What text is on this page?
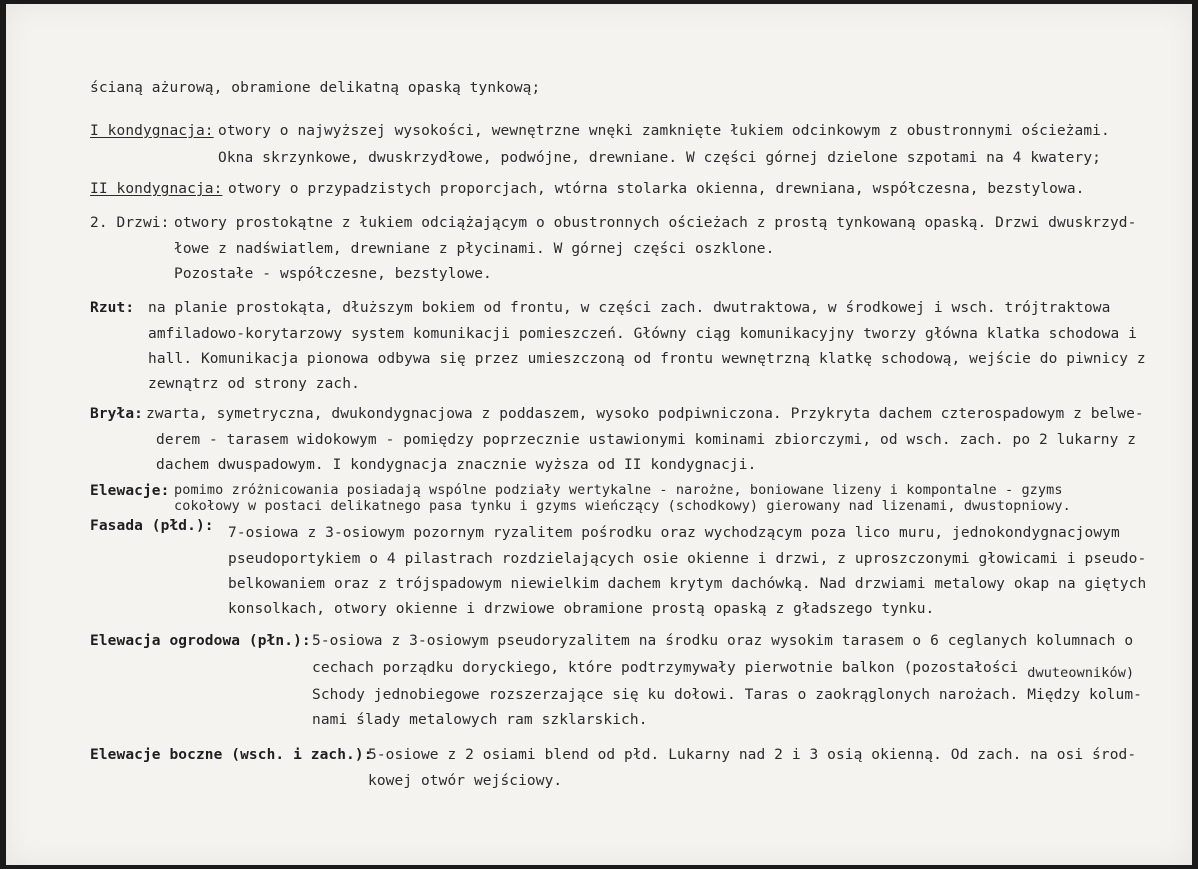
ścianą ażurową, obramione delikatną opaską tynkową;
I kondygnacja: otwory o najwyższej wysokości, wewnętrzne wnęki zamknięte łukiem odcinkowym z obustronnymi ościeżami.
Okna skrzynkowe, dwuskrzydłowe, podwójne, drewniane. W części górnej dzielone szpotami na 4 kwatery;
II kondygnacja: otwory o przypadzistych proporcjach, wtórna stolarka okienna, drewniana, współczesna, bezstylowa.
2. Drzwi: otwory prostokątne z łukiem odciążającym o obustronnych ościeżach z prostą tynkowaną opaską. Drzwi dwuskrzyd-
łowe z nadświatlem, drewniane z płycinami. W górnej części oszklone.
Pozostałe - współczesne, bezstylowe.
Rzut: na planie prostokąta, dłuższym bokiem od frontu, w części zach. dwutraktowa, w środkowej i wsch. trójtraktowa
amfiladowo-korytarzowy system komunikacji pomieszczeń. Główny ciąg komunikacyjny tworzy główna klatka schodowa i
hall. Komunikacja pionowa odbywa się przez umieszczoną od frontu wewnętrzną klatkę schodową, wejście do piwnicy z
zewnątrz od strony zach.
Bryła: zwarta, symetryczna, dwukondygnacjowa z poddaszem, wysoko podpiwniczona. Przykryta dachem czterospadowym z belwe-
derem - tarasem widokowym - pomiędzy poprzecznie ustawionymi kominami zbiorczymi, od wsch. zach. po 2 lukarny z
dachem dwuspadowym. I kondygnacja znacznie wyższa od II kondygnacji.
Elewacje: pomimo zróżnicowania posiadają wspólne podziały wertykalne - narożne, boniowane lizeny i kompontalne - gzyms
cokołowy w postaci delikatnego pasa tynku i gzyms wieńczący (schodkowy) gierowany nad lizenami, dwustopniowy.
Fasada (płd.): 7-osiowa z 3-osiowym pozornym ryzalitem pośrodku oraz wychodzącym poza lico muru, jednokondygnacjowym
pseudoportykiem o 4 pilastrach rozdzielających osie okienne i drzwi, z uproszczonymi głowicami i pseudo-
belkowaniem oraz z trójspadowym niewielkim dachem krytym dachówką. Nad drzwiami metalowy okap na giętych
konsolkach, otwory okienne i drzwiowe obramione prostą opaską z gładszego tynku.
Elewacja ogrodowa (płn.): 5-osiowa z 3-osiowym pseudoryzalitem na środku oraz wysokim tarasem o 6 ceglanych kolumnach o
cechach porządku doryckiego, które podtrzymywały pierwotnie balkon (pozostałości dwuteowników)
Schody jednobiegowe rozszerzające się ku dołowi. Taras o zaokrąglonych narożach. Między kolum-
nami ślady metalowych ram szklarskich.
Elewacje boczne (wsch. i zach.):
5-osiowe z 2 osiami blend od płd. Lukarny nad 2 i 3 osią okienną. Od zach. na osi środ-
kowej otwór wejściowy.
